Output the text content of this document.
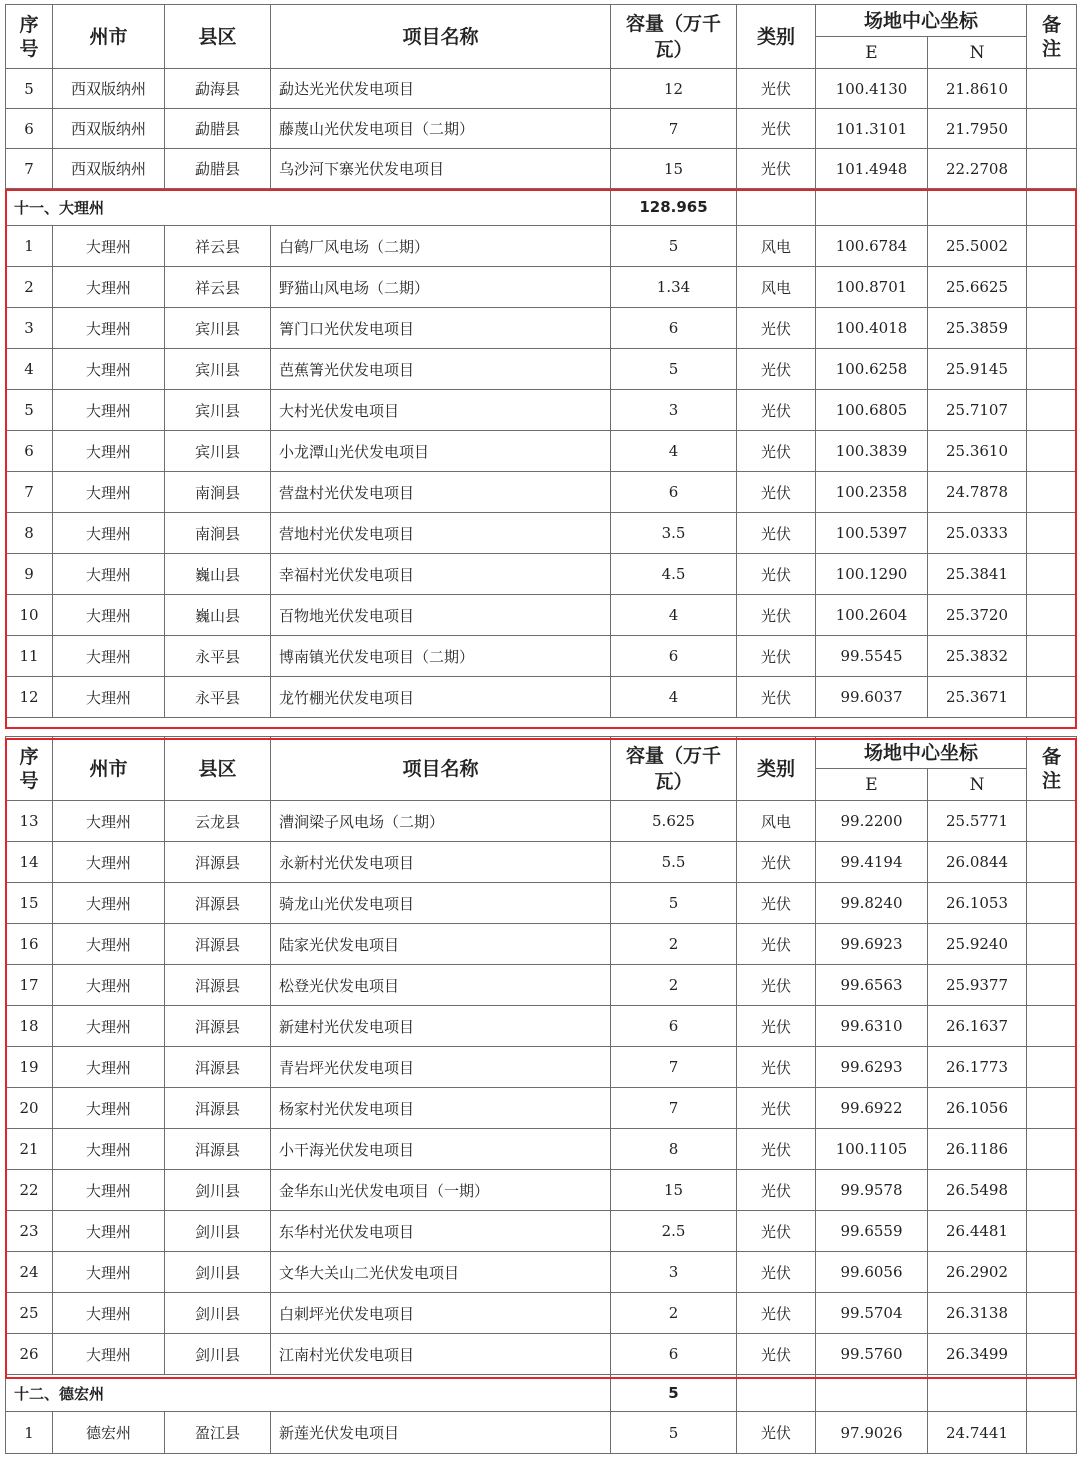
序号	州市	县区	项目名称	容量（万千瓦）	类别	场地中心坐标		备注
						E	N	
5	西双版纳州	勐海县	勐达光光伏发电项目	12	光伏	100.4130	21.8610	
6	西双版纳州	勐腊县	藤蔑山光伏发电项目（二期）	7	光伏	101.3101	21.7950	
7	西双版纳州	勐腊县	乌沙河下寨光伏发电项目	15	光伏	101.4948	22.2708	
十一、大理州				128.965				
1	大理州	祥云县	白鹤厂风电场（二期）	5	风电	100.6784	25.5002	
2	大理州	祥云县	野猫山风电场（二期）	1.34	风电	100.8701	25.6625	
3	大理州	宾川县	箐门口光伏发电项目	6	光伏	100.4018	25.3859	
4	大理州	宾川县	芭蕉箐光伏发电项目	5	光伏	100.6258	25.9145	
5	大理州	宾川县	大村光伏发电项目	3	光伏	100.6805	25.7107	
6	大理州	宾川县	小龙潭山光伏发电项目	4	光伏	100.3839	25.3610	
7	大理州	南涧县	营盘村光伏发电项目	6	光伏	100.2358	24.7878	
8	大理州	南涧县	营地村光伏发电项目	3.5	光伏	100.5397	25.0333	
9	大理州	巍山县	幸福村光伏发电项目	4.5	光伏	100.1290	25.3841	
10	大理州	巍山县	百物地光伏发电项目	4	光伏	100.2604	25.3720	
11	大理州	永平县	博南镇光伏发电项目（二期）	6	光伏	99.5545	25.3832	
12	大理州	永平县	龙竹棚光伏发电项目	4	光伏	99.6037	25.3671	
序号	州市	县区	项目名称	容量（万千瓦）	类别	场地中心坐标		备注
						E	N	
13	大理州	云龙县	漕涧梁子风电场（二期）	5.625	风电	99.2200	25.5771	
14	大理州	洱源县	永新村光伏发电项目	5.5	光伏	99.4194	26.0844	
15	大理州	洱源县	骑龙山光伏发电项目	5	光伏	99.8240	26.1053	
16	大理州	洱源县	陆家光伏发电项目	2	光伏	99.6923	25.9240	
17	大理州	洱源县	松登光伏发电项目	2	光伏	99.6563	25.9377	
18	大理州	洱源县	新建村光伏发电项目	6	光伏	99.6310	26.1637	
19	大理州	洱源县	青岩坪光伏发电项目	7	光伏	99.6293	26.1773	
20	大理州	洱源县	杨家村光伏发电项目	7	光伏	99.6922	26.1056	
21	大理州	洱源县	小干海光伏发电项目	8	光伏	100.1105	26.1186	
22	大理州	剑川县	金华东山光伏发电项目（一期）	15	光伏	99.9578	26.5498	
23	大理州	剑川县	东华村光伏发电项目	2.5	光伏	99.6559	26.4481	
24	大理州	剑川县	文华大关山二光伏发电项目	3	光伏	99.6056	26.2902	
25	大理州	剑川县	白刺坪光伏发电项目	2	光伏	99.5704	26.3138	
26	大理州	剑川县	江南村光伏发电项目	6	光伏	99.5760	26.3499	
十二、德宏州				5				
1	德宏州	盈江县	新莲光伏发电项目	5	光伏	97.9026	24.7441	
